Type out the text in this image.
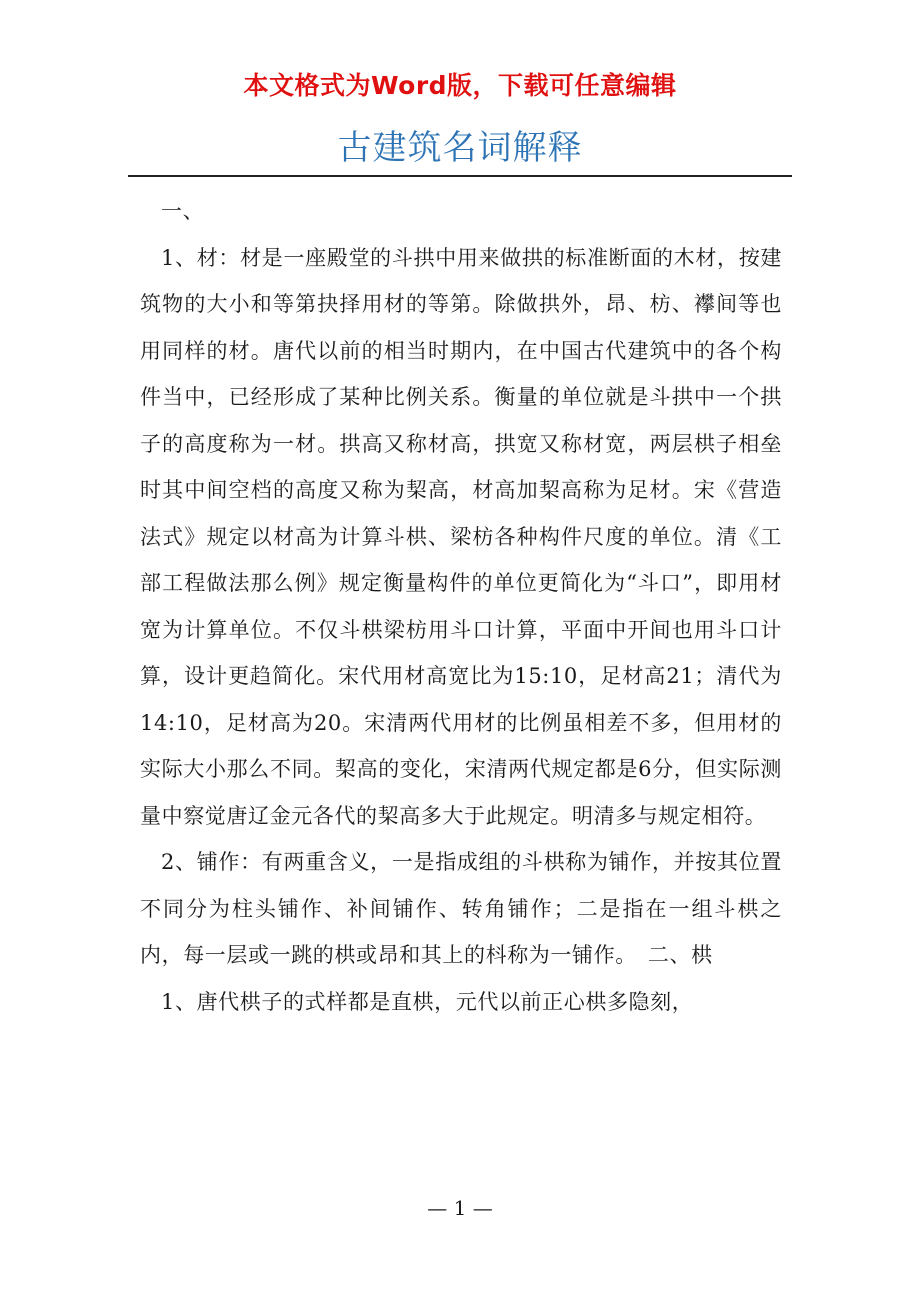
本文格式为Word版，下载可任意编辑
古建筑名词解释

一、

1、材：材是一座殿堂的斗拱中用来做拱的标准断面的木材，按建筑物的大小和等第抉择用材的等第。除做拱外，昂、枋、襻间等也用同样的材。唐代以前的相当时期内，在中国古代建筑中的各个构件当中，已经形成了某种比例关系。衡量的单位就是斗拱中一个拱子的高度称为一材。拱高又称材高，拱宽又称材宽，两层栱子相垒时其中间空档的高度又称为栔高，材高加栔高称为足材。宋《营造法式》规定以材高为计算斗栱、梁枋各种构件尺度的单位。清《工部工程做法那么例》规定衡量构件的单位更简化为“斗口”，即用材宽为计算单位。不仅斗栱梁枋用斗口计算，平面中开间也用斗口计算，设计更趋简化。宋代用材高宽比为15:10，足材高21；清代为14:10，足材高为20。宋清两代用材的比例虽相差不多，但用材的实际大小那么不同。栔高的变化，宋清两代规定都是6分，但实际测量中察觉唐辽金元各代的栔高多大于此规定。明清多与规定相符。

2、铺作：有两重含义，一是指成组的斗栱称为铺作，并按其位置不同分为柱头铺作、补间铺作、转角铺作；二是指在一组斗栱之内，每一层或一跳的栱或昂和其上的枓称为一铺作。　二、栱

1、唐代栱子的式样都是直栱，元代以前正心栱多隐刻，

— 1 —
